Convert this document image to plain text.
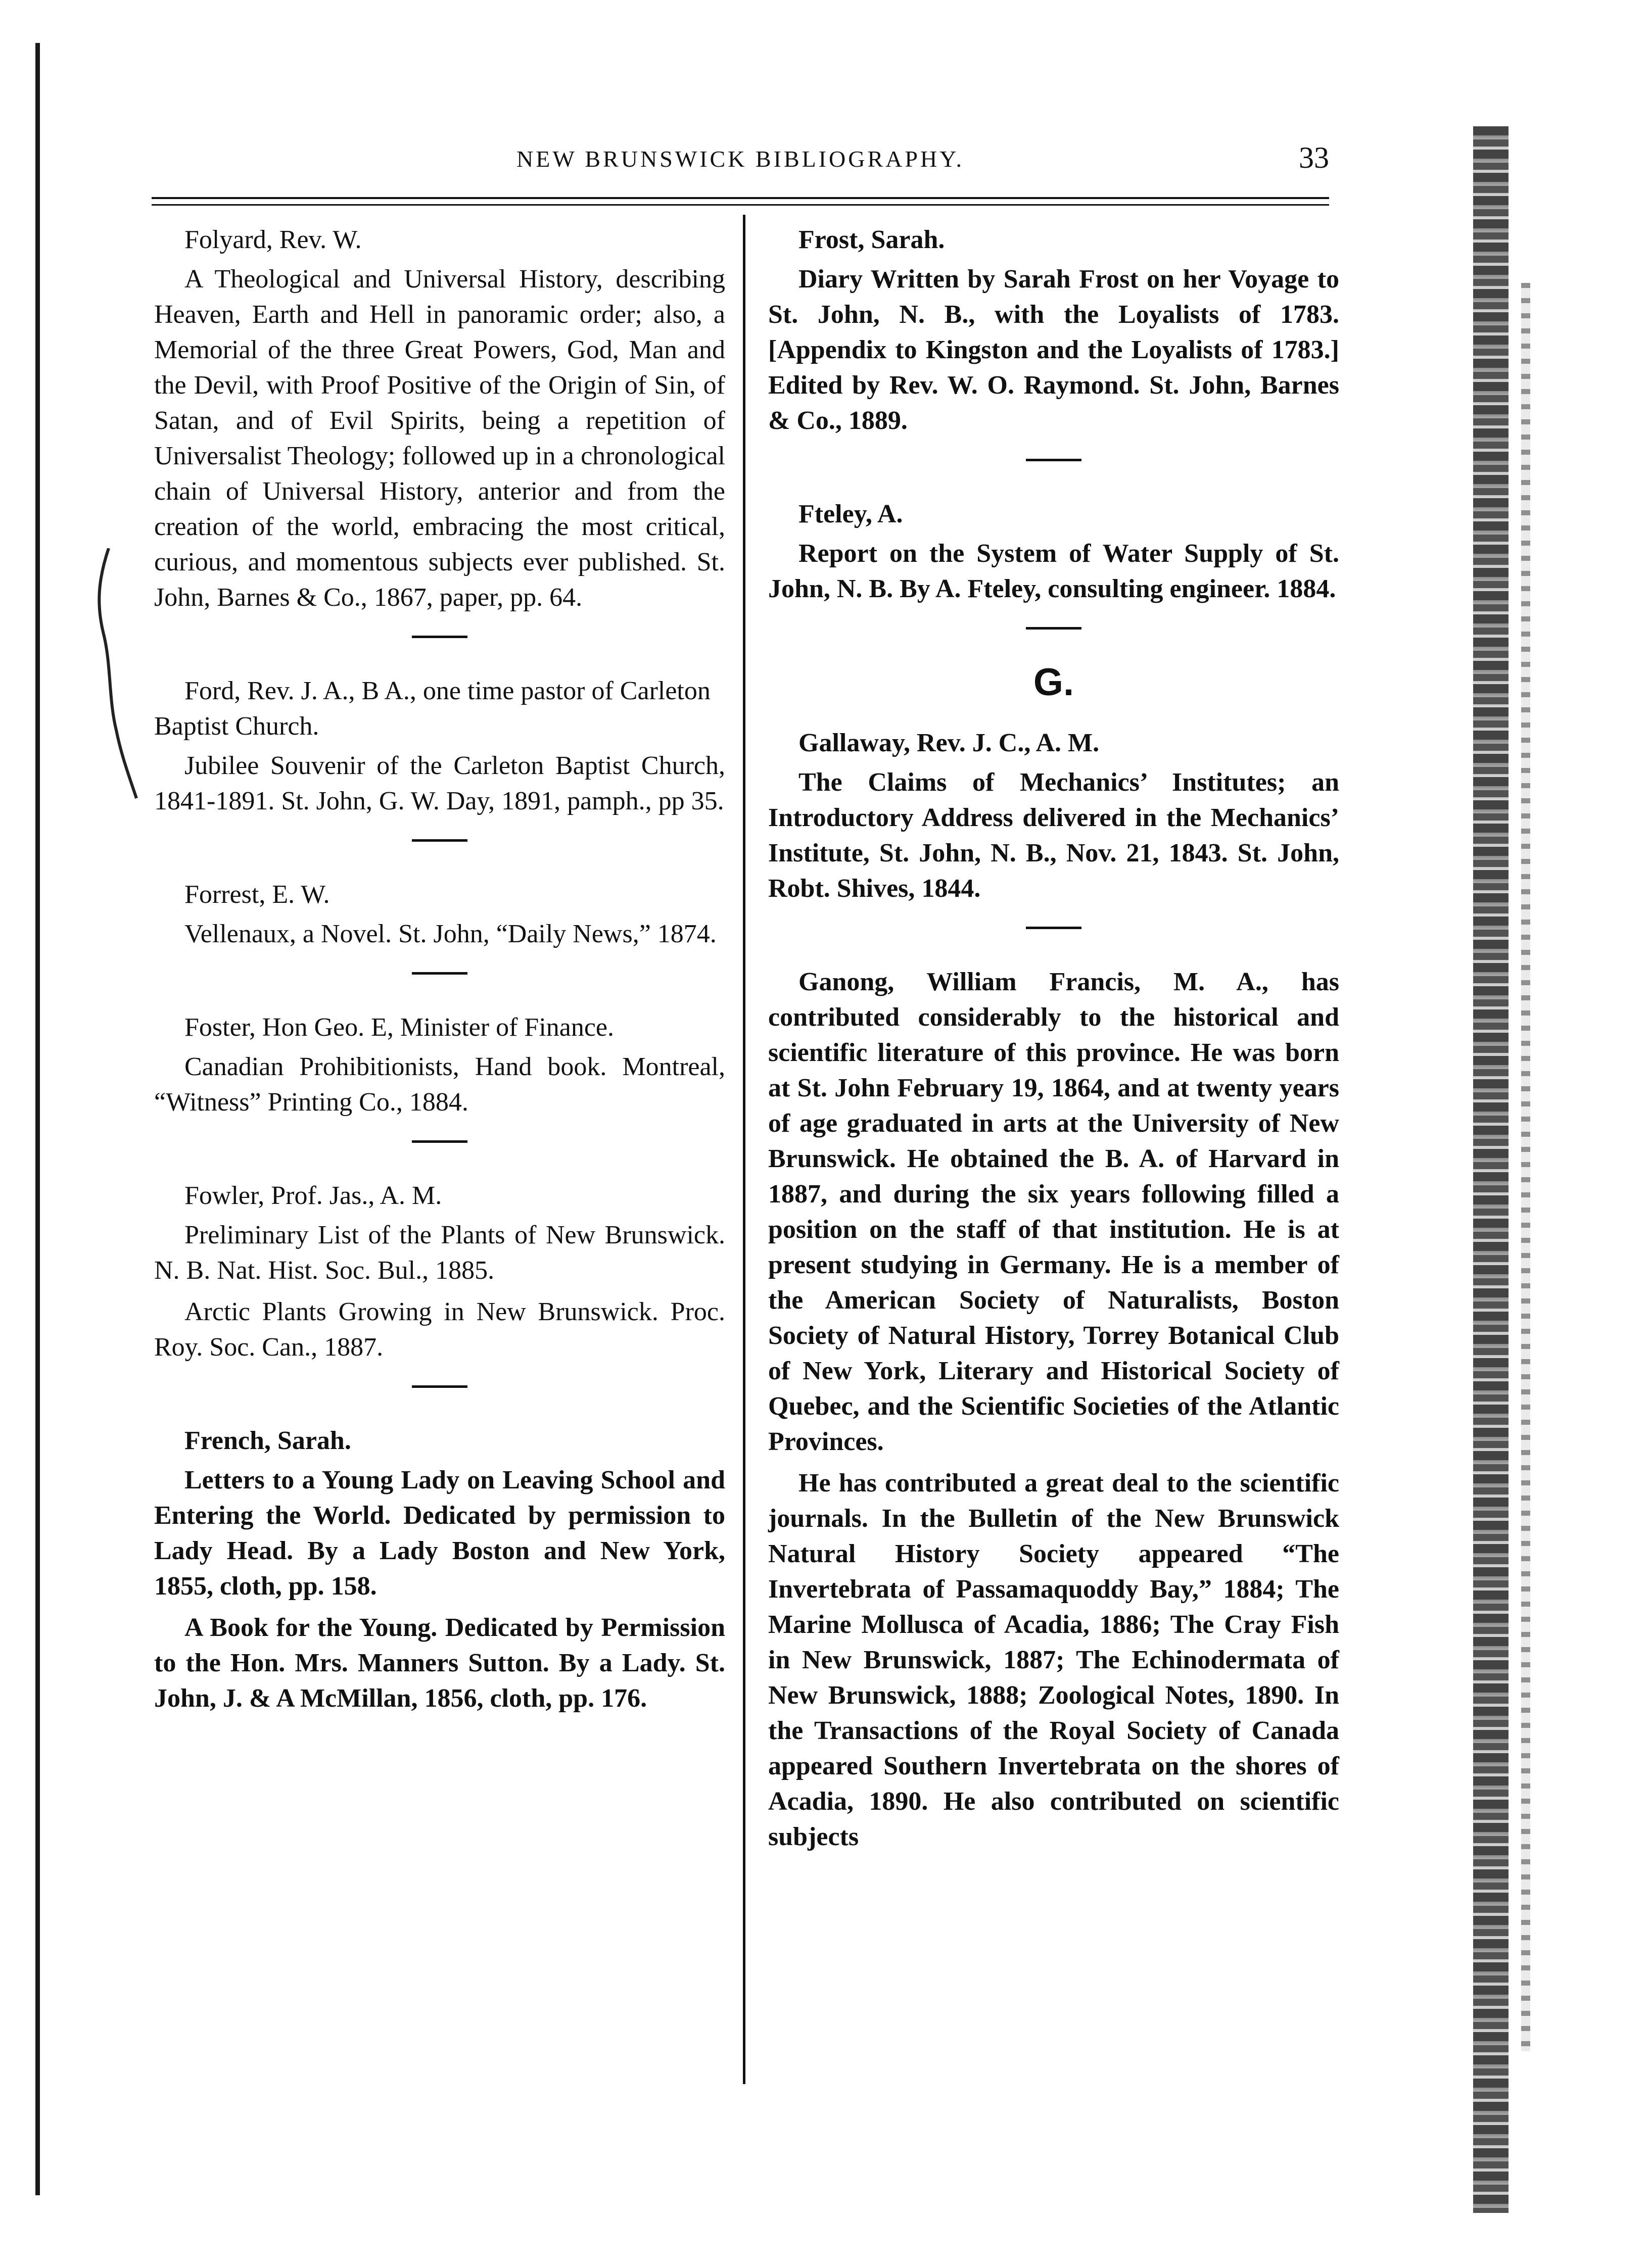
NEW BRUNSWICK BIBLIOGRAPHY.	33
Folyard, Rev. W.

A Theological and Universal History, describing Heaven, Earth and Hell in panoramic order; also, a Memorial of the three Great Powers, God, Man and the Devil, with Proof Positive of the Origin of Sin, of Satan, and of Evil Spirits, being a repetition of Universalist Theology; followed up in a chronological chain of Universal History, anterior and from the creation of the world, embracing the most critical, curious, and momentous subjects ever published. St. John, Barnes & Co., 1867, paper, pp. 64.

Ford, Rev. J. A., B A., one time pastor of Carleton Baptist Church.

Jubilee Souvenir of the Carleton Baptist Church, 1841-1891. St. John, G. W. Day, 1891, pamph., pp 35.

Forrest, E. W.

Vellenaux, a Novel. St. John, “Daily News,” 1874.

Foster, Hon Geo. E, Minister of Finance.

Canadian Prohibitionists, Hand book. Montreal, “Witness” Printing Co., 1884.

Fowler, Prof. Jas., A. M.

Preliminary List of the Plants of New Brunswick. N. B. Nat. Hist. Soc. Bul., 1885.

Arctic Plants Growing in New Brunswick. Proc. Roy. Soc. Can., 1887.

French, Sarah.

Letters to a Young Lady on Leaving School and Entering the World. Dedicated by permission to Lady Head. By a Lady Boston and New York, 1855, cloth, pp. 158.

A Book for the Young. Dedicated by Permission to the Hon. Mrs. Manners Sutton. By a Lady. St. John, J. & A McMillan, 1856, cloth, pp. 176.

Frost, Sarah.

Diary Written by Sarah Frost on her Voyage to St. John, N. B., with the Loyalists of 1783. [Appendix to Kingston and the Loyalists of 1783.] Edited by Rev. W. O. Raymond. St. John, Barnes & Co., 1889.

Fteley, A.

Report on the System of Water Supply of St. John, N. B. By A. Fteley, consulting engineer. 1884.

G.
Gallaway, Rev. J. C., A. M.

The Claims of Mechanics’ Institutes; an Introductory Address delivered in the Mechanics’ Institute, St. John, N. B., Nov. 21, 1843. St. John, Robt. Shives, 1844.

Ganong, William Francis, M. A., has contributed considerably to the historical and scientific literature of this province. He was born at St. John February 19, 1864, and at twenty years of age graduated in arts at the University of New Brunswick. He obtained the B. A. of Harvard in 1887, and during the six years following filled a position on the staff of that institution. He is at present studying in Germany. He is a member of the American Society of Naturalists, Boston Society of Natural History, Torrey Botanical Club of New York, Literary and Historical Society of Quebec, and the Scientific Societies of the Atlantic Provinces.

He has contributed a great deal to the scientific journals. In the Bulletin of the New Brunswick Natural History Society appeared “The Invertebrata of Passamaquoddy Bay,” 1884; The Marine Mollusca of Acadia, 1886; The Cray Fish in New Brunswick, 1887; The Echinodermata of New Brunswick, 1888; Zoological Notes, 1890. In the Transactions of the Royal Society of Canada appeared Southern Invertebrata on the shores of Acadia, 1890. He also contributed on scientific subjects
